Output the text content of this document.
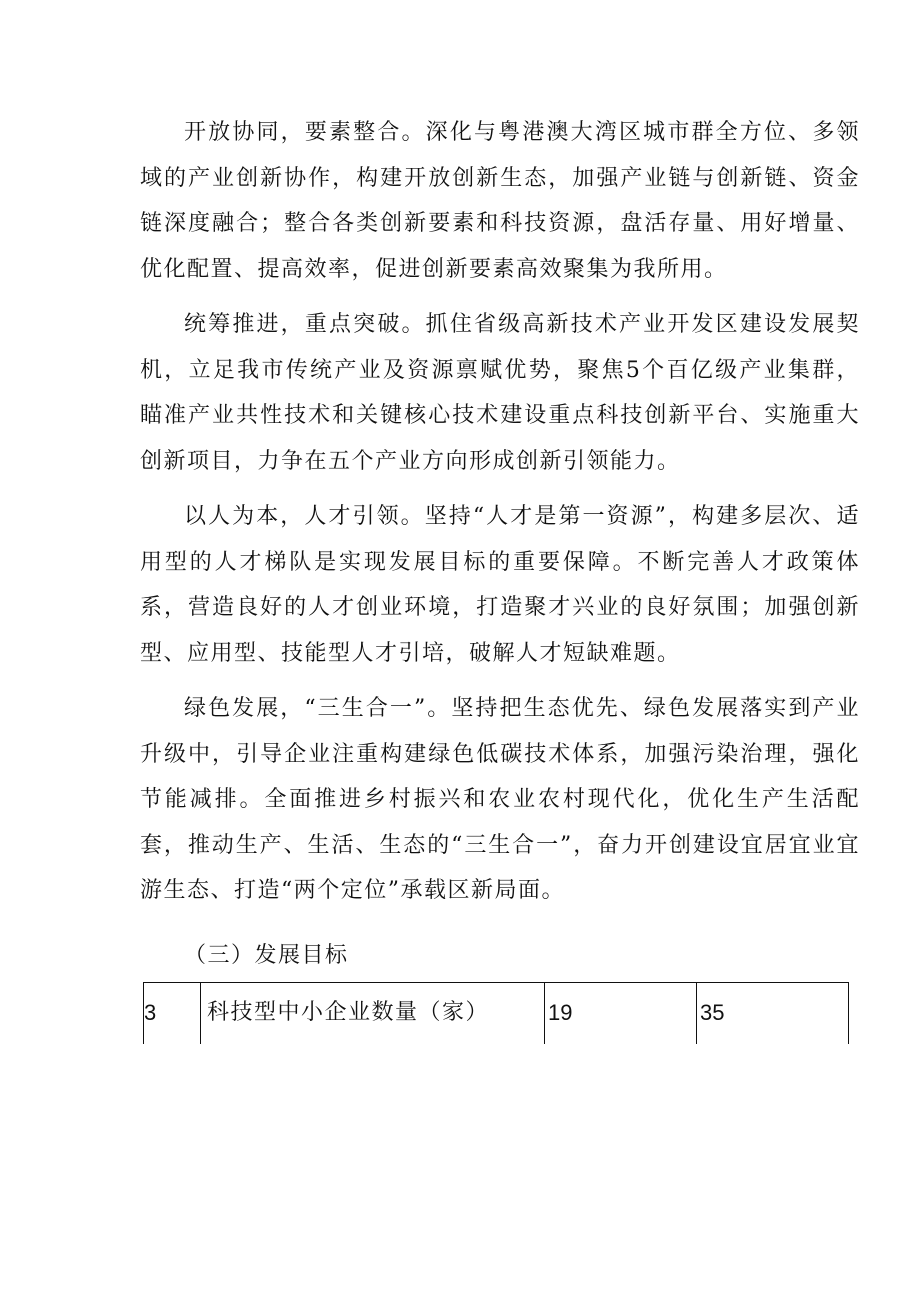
开放协同，要素整合。深化与粤港澳大湾区城市群全方位、多领域的产业创新协作，构建开放创新生态，加强产业链与创新链、资金链深度融合；整合各类创新要素和科技资源，盘活存量、用好增量、优化配置、提高效率，促进创新要素高效聚集为我所用。

统筹推进，重点突破。抓住省级高新技术产业开发区建设发展契机，立足我市传统产业及资源禀赋优势，聚焦5个百亿级产业集群，瞄准产业共性技术和关键核心技术建设重点科技创新平台、实施重大创新项目，力争在五个产业方向形成创新引领能力。

以人为本，人才引领。坚持“人才是第一资源”，构建多层次、适用型的人才梯队是实现发展目标的重要保障。不断完善人才政策体系，营造良好的人才创业环境，打造聚才兴业的良好氛围；加强创新型、应用型、技能型人才引培，破解人才短缺难题。

绿色发展，“三生合一”。坚持把生态优先、绿色发展落实到产业升级中，引导企业注重构建绿色低碳技术体系，加强污染治理，强化节能减排。全面推进乡村振兴和农业农村现代化，优化生产生活配套，推动生产、生活、生态的“三生合一”，奋力开创建设宜居宜业宜游生态、打造“两个定位”承载区新局面。

（三）发展目标

3 科技型中小企业数量（家）	19	35
